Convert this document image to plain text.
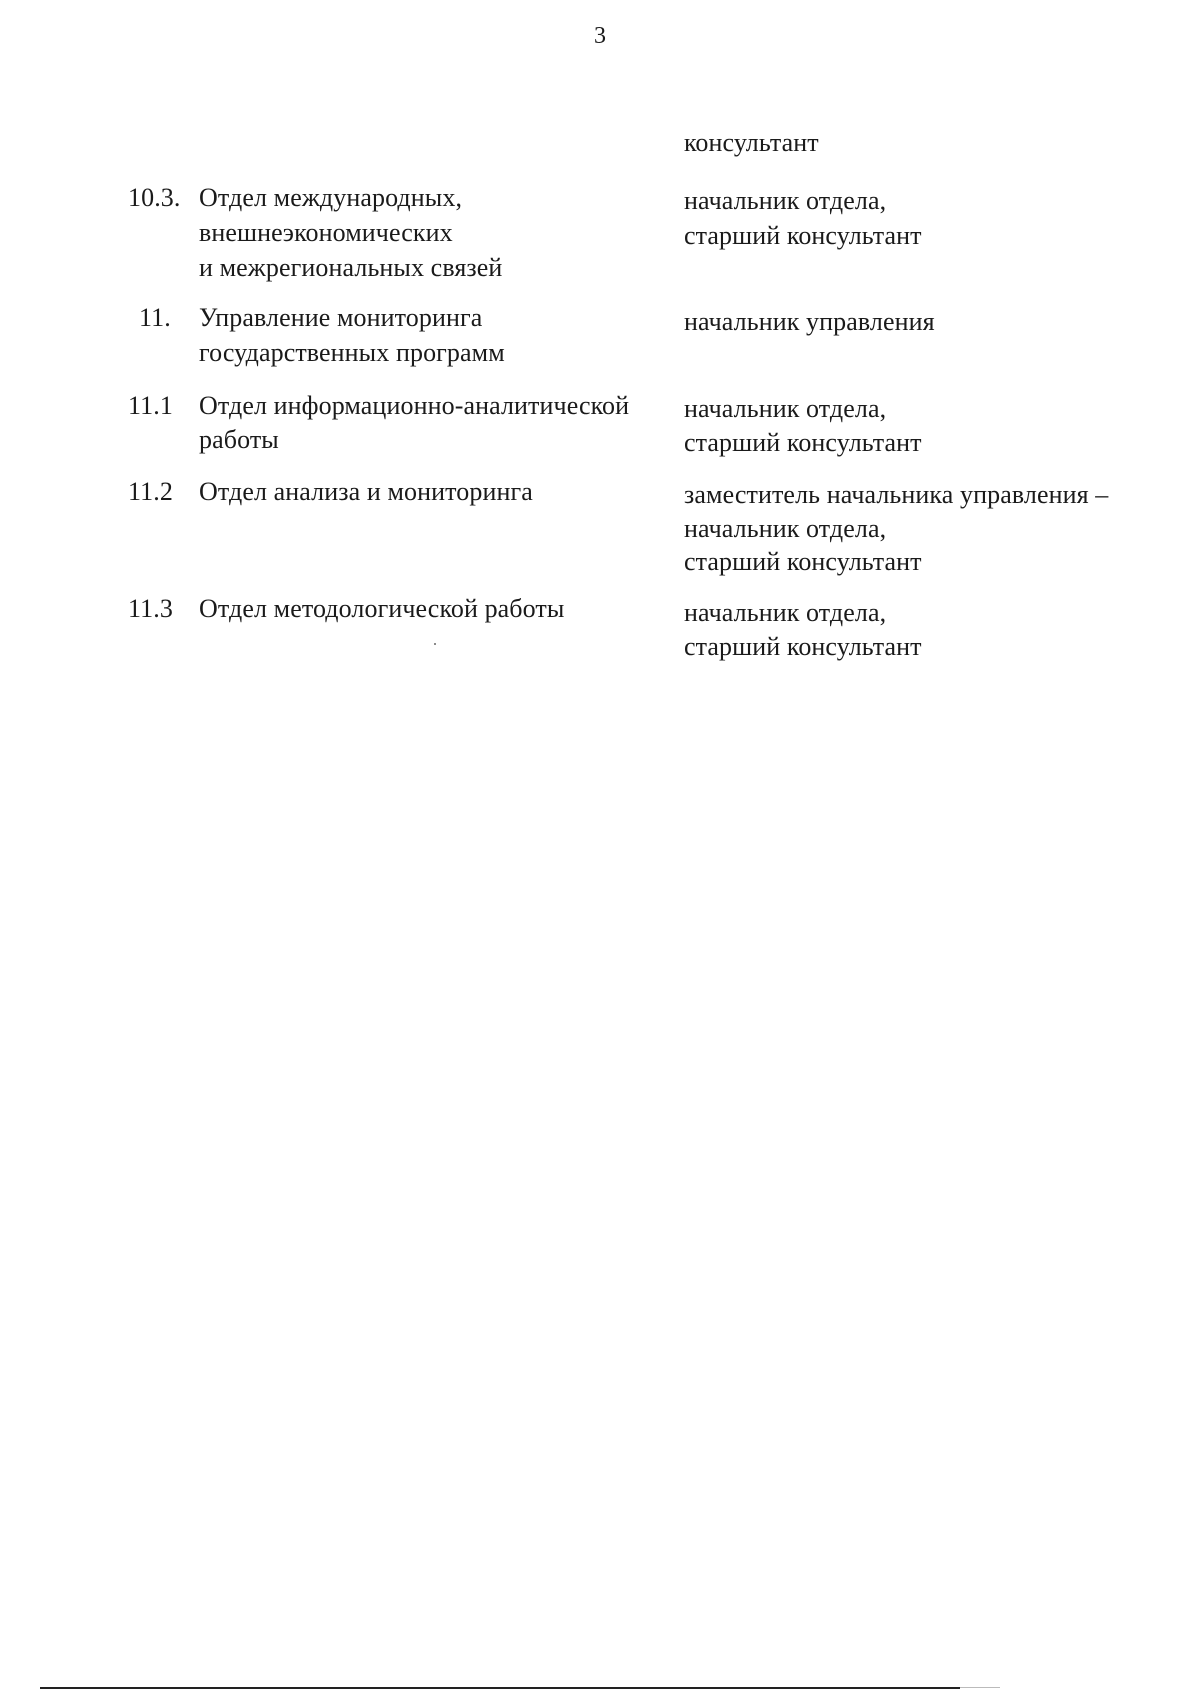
3
консультант
10.3. Отдел международных,
внешнеэкономических
и межрегиональных связей
начальник отдела,
старший консультант
11. Управление мониторинга
государственных программ
начальник управления
11.1 Отдел информационно-аналитической
работы
начальник отдела,
старший консультант
11.2 Отдел анализа и мониторинга	заместитель начальника управления –
начальник отдела,
старший консультант
11.3 Отдел методологической работы	начальник отдела,
старший консультант
